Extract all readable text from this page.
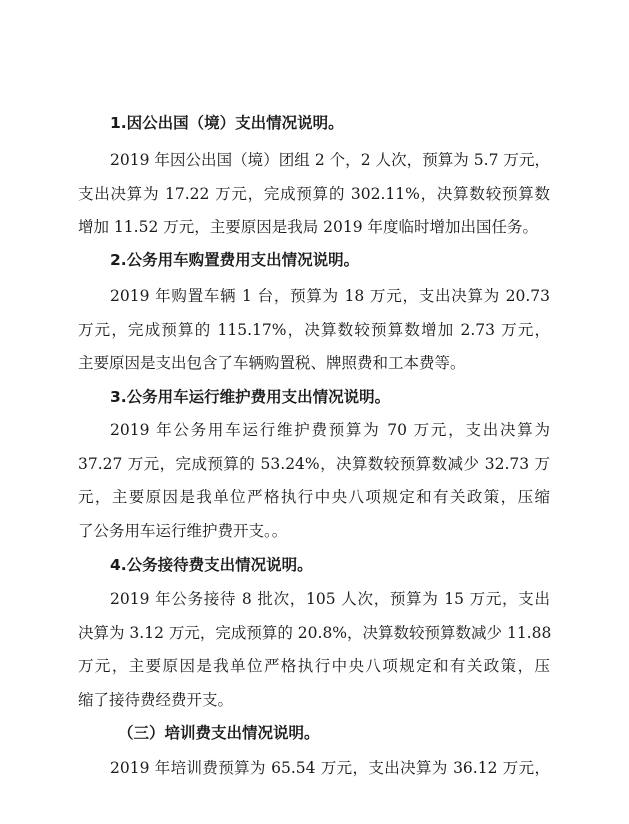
1.因公出国（境）支出情况说明。
2019 年因公出国（境）团组 2 个，2 人次，预算为 5.7 万元，
支出决算为 17.22 万元，完成预算的 302.11%，决算数较预算数
增加 11.52 万元，主要原因是我局 2019 年度临时增加出国任务。
2.公务用车购置费用支出情况说明。
2019 年购置车辆 1 台，预算为 18 万元，支出决算为 20.73
万元，完成预算的 115.17%，决算数较预算数增加 2.73 万元，
主要原因是支出包含了车辆购置税、牌照费和工本费等。
3.公务用车运行维护费用支出情况说明。
2019 年公务用车运行维护费预算为 70 万元，支出决算为
37.27 万元，完成预算的 53.24%，决算数较预算数减少 32.73 万
元，主要原因是我单位严格执行中央八项规定和有关政策，压缩
了公务用车运行维护费开支。。
4.公务接待费支出情况说明。
2019 年公务接待 8 批次，105 人次，预算为 15 万元，支出
决算为 3.12 万元，完成预算的 20.8%，决算数较预算数减少 11.88
万元，主要原因是我单位严格执行中央八项规定和有关政策，压
缩了接待费经费开支。
（三）培训费支出情况说明。
2019 年培训费预算为 65.54 万元，支出决算为 36.12 万元，
